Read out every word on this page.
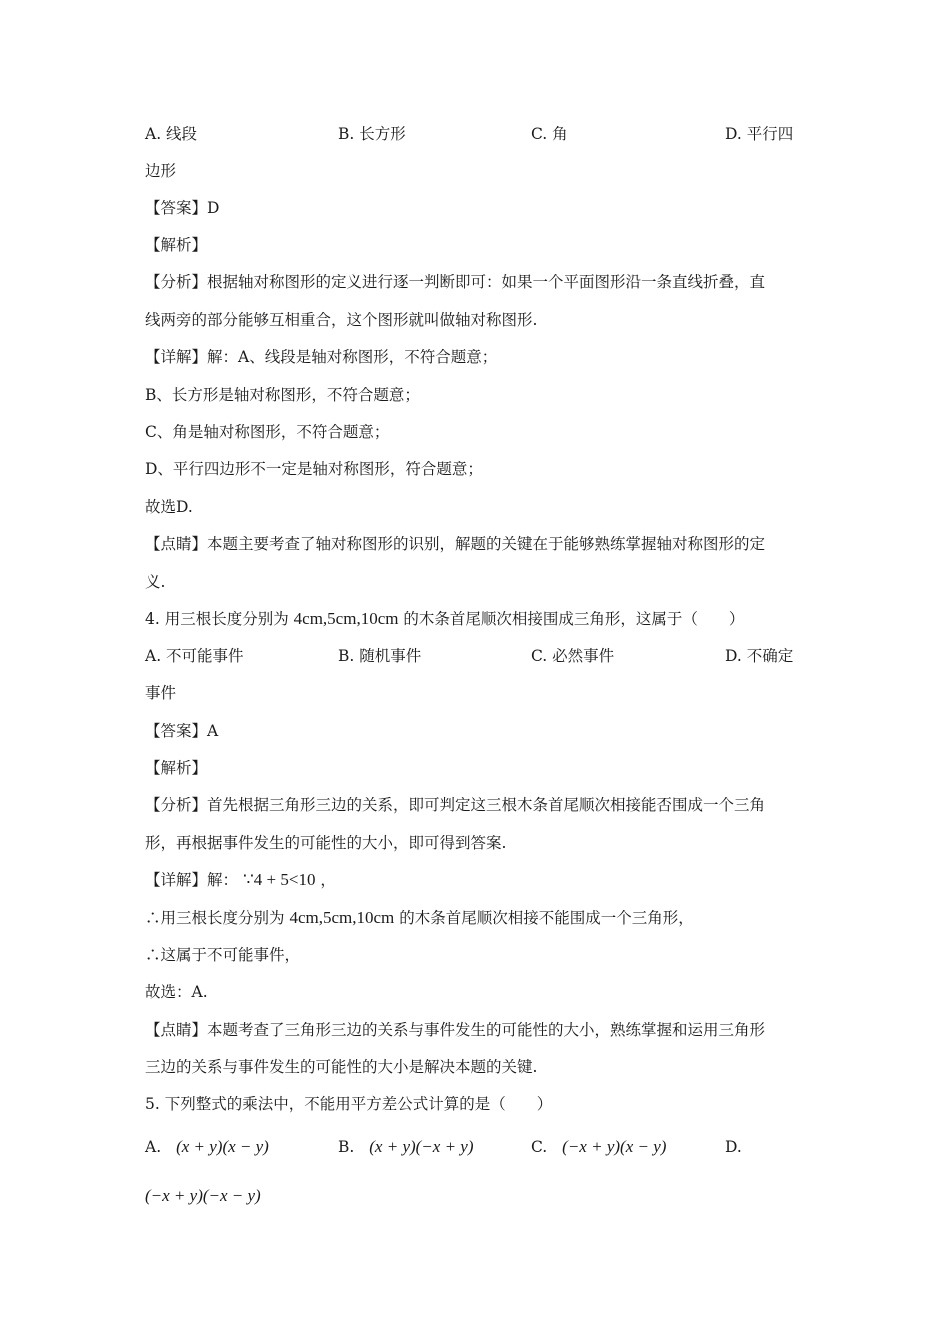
A. 线段	B. 长方形	C. 角	D. 平行四
边形
【答案】D
【解析】
【分析】根据轴对称图形的定义进行逐一判断即可：如果一个平面图形沿一条直线折叠，直
线两旁的部分能够互相重合，这个图形就叫做轴对称图形.
【详解】解：A、线段是轴对称图形，不符合题意；
B、长方形是轴对称图形，不符合题意；
C、角是轴对称图形，不符合题意；
D、平行四边形不一定是轴对称图形，符合题意；
故选D.
【点睛】本题主要考查了轴对称图形的识别，解题的关键在于能够熟练掌握轴对称图形的定
义.
4. 用三根长度分别为 4cm,5cm,10cm 的木条首尾顺次相接围成三角形，这属于（　　）
A. 不可能事件	B. 随机事件	C. 必然事件	D. 不确定
事件
【答案】A
【解析】
【分析】首先根据三角形三边的关系，即可判定这三根木条首尾顺次相接能否围成一个三角
形，再根据事件发生的可能性的大小，即可得到答案.
【详解】解： ∵4 + 5<10 ，
∴用三根长度分别为 4cm,5cm,10cm 的木条首尾顺次相接不能围成一个三角形，
∴这属于不可能事件，
故选：A.
【点睛】本题考查了三角形三边的关系与事件发生的可能性的大小，熟练掌握和运用三角形
三边的关系与事件发生的可能性的大小是解决本题的关键.
5. 下列整式的乘法中，不能用平方差公式计算的是（　　）
A. (x + y)(x − y)	B. (x + y)(−x + y)	C. (−x + y)(x − y)	D.
(−x + y)(−x − y)
